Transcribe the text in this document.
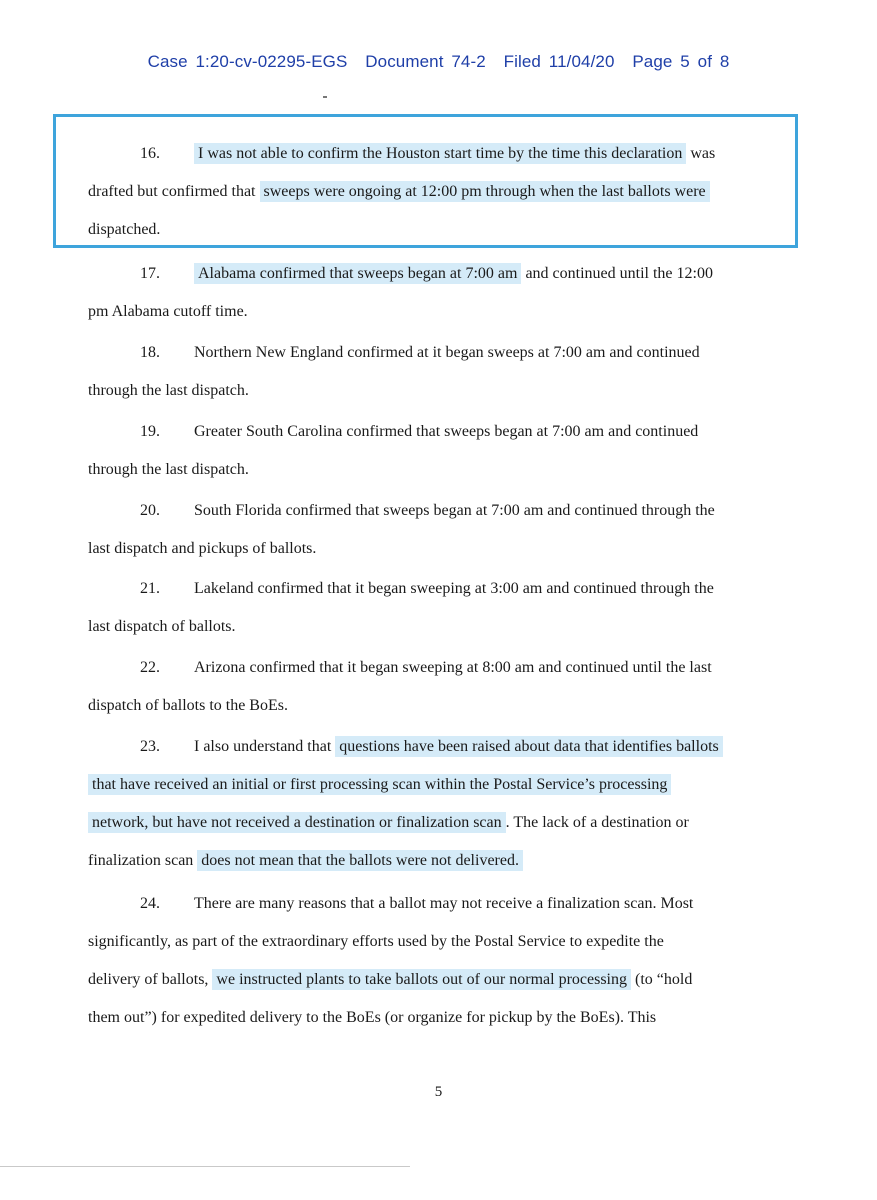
Case 1:20-cv-02295-EGS Document 74-2 Filed 11/04/20 Page 5 of 8
16. I was not able to confirm the Houston start time by the time this declaration was
drafted but confirmed that sweeps were ongoing at 12:00 pm through when the last ballots were
dispatched.
17. Alabama confirmed that sweeps began at 7:00 am and continued until the 12:00
pm Alabama cutoff time.
18. Northern New England confirmed at it began sweeps at 7:00 am and continued
through the last dispatch.
19. Greater South Carolina confirmed that sweeps began at 7:00 am and continued
through the last dispatch.
20. South Florida confirmed that sweeps began at 7:00 am and continued through the
last dispatch and pickups of ballots.
21. Lakeland confirmed that it began sweeping at 3:00 am and continued through the
last dispatch of ballots.
22. Arizona confirmed that it began sweeping at 8:00 am and continued until the last
dispatch of ballots to the BoEs.
23. I also understand that questions have been raised about data that identifies ballots
that have received an initial or first processing scan within the Postal Service’s processing
network, but have not received a destination or finalization scan . The lack of a destination or
finalization scan does not mean that the ballots were not delivered.
24. There are many reasons that a ballot may not receive a finalization scan. Most
significantly, as part of the extraordinary efforts used by the Postal Service to expedite the
delivery of ballots, we instructed plants to take ballots out of our normal processing (to “hold
them out”) for expedited delivery to the BoEs (or organize for pickup by the BoEs). This
5
